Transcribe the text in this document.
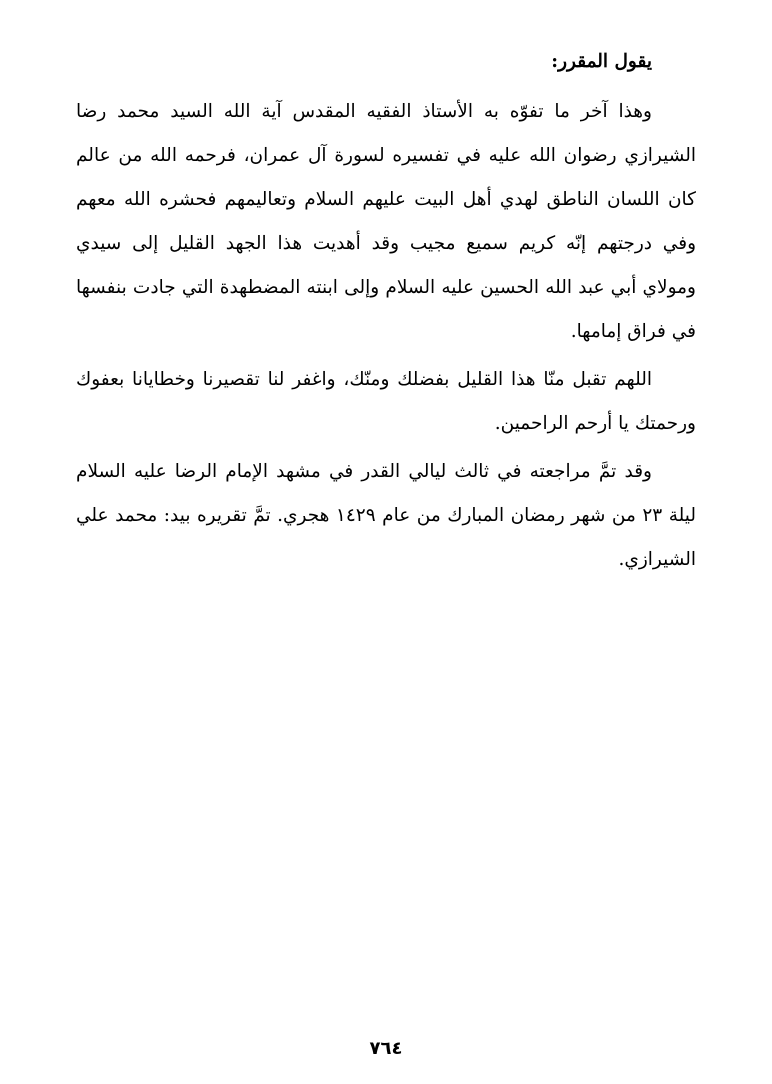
يقول المقرر:

وهذا آخر ما تفوّه به الأستاذ الفقيه المقدس آية الله السيد محمد رضا الشيرازي رضوان الله عليه في تفسيره لسورة آل عمران، فرحمه الله من عالم كان اللسان الناطق لهدي أهل البيت عليهم السلام وتعاليمهم فحشره الله معهم وفي درجتهم إنّه كريم سميع مجيب وقد أهديت هذا الجهد القليل إلى سيدي ومولاي أبي عبد الله الحسين عليه السلام وإلى ابنته المضطهدة التي جادت بنفسها في فراق إمامها.

اللهم تقبل منّا هذا القليل بفضلك ومنّك، واغفر لنا تقصيرنا وخطايانا بعفوك ورحمتك يا أرحم الراحمين.

وقد تمَّ مراجعته في ثالث ليالي القدر في مشهد الإمام الرضا عليه السلام ليلة ٢٣ من شهر رمضان المبارك من عام ١٤٢٩ هجري. تمَّ تقريره بيد: محمد علي الشيرازي.

٧٦٤
